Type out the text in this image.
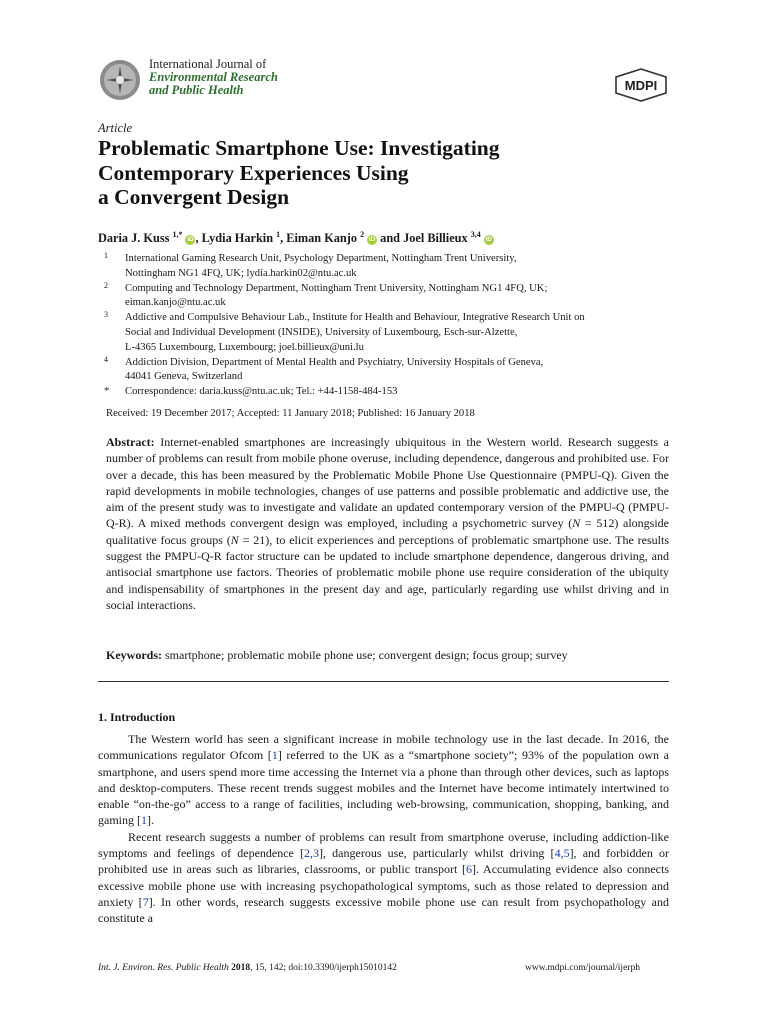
International Journal of
Environmental Research
and Public Health	MDPI
Article
Problematic Smartphone Use: Investigating
Contemporary Experiences Using
a Convergent Design
Daria J. Kuss $^{1,*}$iD , Lydia Harkin $^1$, Eiman Kanjo $^2$iD and Joel Billieux $^{3,4}$iD
1 International Gaming Research Unit, Psychology Department, Nottingham Trent University,
Nottingham NG1 4FQ, UK; lydia.harkin02@ntu.ac.uk
2 Computing and Technology Department, Nottingham Trent University, Nottingham NG1 4FQ, UK;
eiman.kanjo@ntu.ac.uk
3 Addictive and Compulsive Behaviour Lab., Institute for Health and Behaviour, Integrative Research Unit on
Social and Individual Development (INSIDE), University of Luxembourg, Esch-sur-Alzette,
L-4365 Luxembourg, Luxembourg; joel.billieux@uni.lu
4 Addiction Division, Department of Mental Health and Psychiatry, University Hospitals of Geneva,
44041 Geneva, Switzerland
* Correspondence: daria.kuss@ntu.ac.uk; Tel.: +44-1158-484-153
Received: 19 December 2017; Accepted: 11 January 2018; Published: 16 January 2018
Abstract: Internet-enabled smartphones are increasingly ubiquitous in the Western world. Research suggests a number of problems can result from mobile phone overuse, including dependence, dangerous and prohibited use. For over a decade, this has been measured by the Problematic Mobile Phone Use Questionnaire (PMPU-Q). Given the rapid developments in mobile technologies, changes of use patterns and possible problematic and addictive use, the aim of the present study was to investigate and validate an updated contemporary version of the PMPU-Q (PMPU-Q-R). A mixed methods convergent design was employed, including a psychometric survey (N = 512) alongside qualitative focus groups (N = 21), to elicit experiences and perceptions of problematic smartphone use. The results suggest the PMPU-Q-R factor structure can be updated to include smartphone dependence, dangerous driving, and antisocial smartphone use factors. Theories of problematic mobile phone use require consideration of the ubiquity and indispensability of smartphones in the present day and age, particularly regarding use whilst driving and in social interactions.
Keywords: smartphone; problematic mobile phone use; convergent design; focus group; survey
1. Introduction

The Western world has seen a significant increase in mobile technology use in the last decade. In 2016, the communications regulator Ofcom [1] referred to the UK as a “smartphone society”; 93% of the population own a smartphone, and users spend more time accessing the Internet via a phone than through other devices, such as laptops and desktop-computers. These recent trends suggest mobiles and the Internet have become intimately intertwined to enable “on-the-go” access to a range of facilities, including web-browsing, communication, shopping, banking, and gaming [1].

Recent research suggests a number of problems can result from smartphone overuse, including addiction-like symptoms and feelings of dependence [2,3], dangerous use, particularly whilst driving [4,5], and forbidden or prohibited use in areas such as libraries, classrooms, or public transport [6]. Accumulating evidence also connects excessive mobile phone use with increasing psychopathological symptoms, such as those related to depression and anxiety [7]. In other words, research suggests excessive mobile phone use can result from psychopathology and constitute a

Int. J. Environ. Res. Public Health 2018, 15, 142; doi:10.3390/ijerph15010142	www.mdpi.com/journal/ijerph
